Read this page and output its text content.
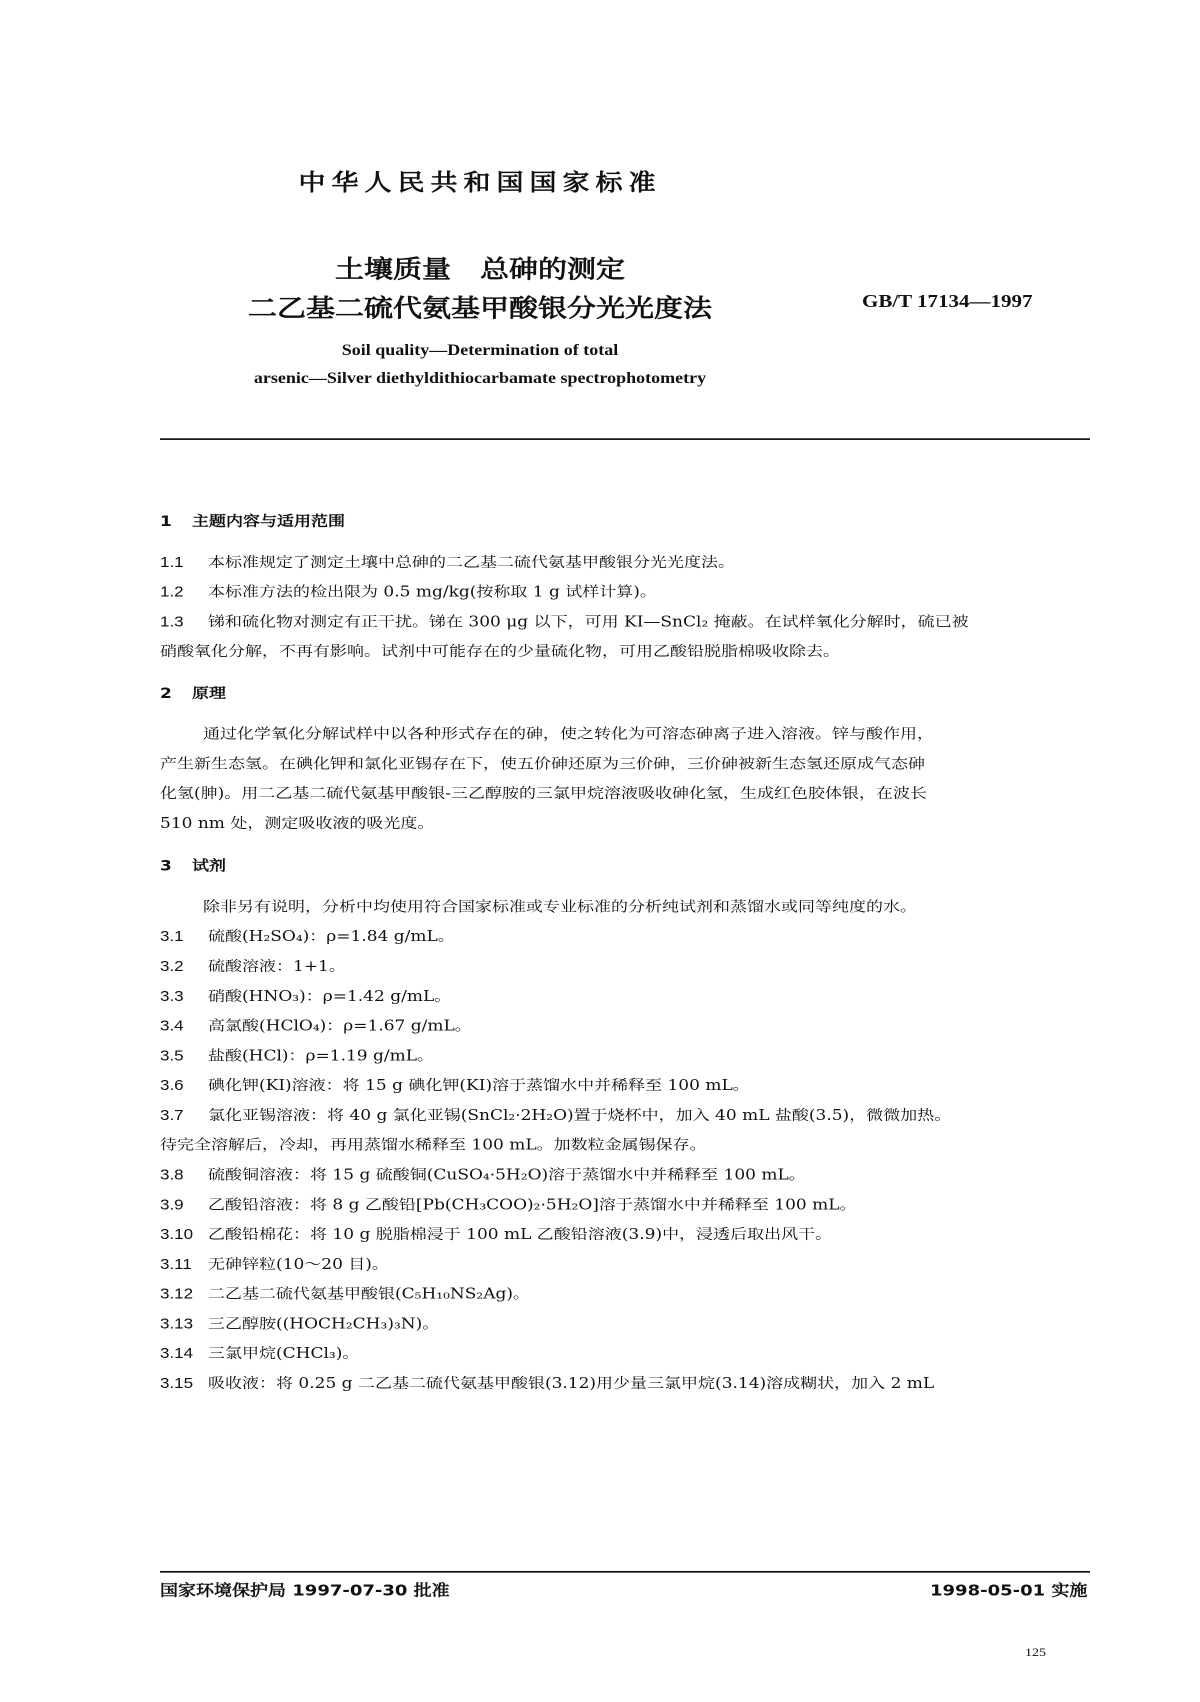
中华人民共和国国家标准
土壤质量　总砷的测定
二乙基二硫代氨基甲酸银分光光度法	GB/T 17134—1997
Soil quality—Determination of total
arsenic—Silver diethyldithiocarbamate spectrophotometry
1 主题内容与适用范围
1.1 本标准规定了测定土壤中总砷的二乙基二硫代氨基甲酸银分光光度法。
1.2 本标准方法的检出限为 0.5 mg/kg(按称取 1 g 试样计算)。
1.3 锑和硫化物对测定有正干扰。锑在 300 μg 以下，可用 KI—SnCl₂ 掩蔽。在试样氧化分解时，硫已被
硝酸氧化分解，不再有影响。试剂中可能存在的少量硫化物，可用乙酸铅脱脂棉吸收除去。
2 原理
通过化学氧化分解试样中以各种形式存在的砷，使之转化为可溶态砷离子进入溶液。锌与酸作用，
产生新生态氢。在碘化钾和氯化亚锡存在下，使五价砷还原为三价砷，三价砷被新生态氢还原成气态砷
化氢(胂)。用二乙基二硫代氨基甲酸银-三乙醇胺的三氯甲烷溶液吸收砷化氢，生成红色胶体银，在波长
510 nm 处，测定吸收液的吸光度。
3 试剂
除非另有说明，分析中均使用符合国家标准或专业标准的分析纯试剂和蒸馏水或同等纯度的水。
3.1 硫酸(H₂SO₄)：ρ=1.84 g/mL。
3.2 硫酸溶液：1+1。
3.3 硝酸(HNO₃)：ρ=1.42 g/mL。
3.4 高氯酸(HClO₄)：ρ=1.67 g/mL。
3.5 盐酸(HCl)：ρ=1.19 g/mL。
3.6 碘化钾(KI)溶液：将 15 g 碘化钾(KI)溶于蒸馏水中并稀释至 100 mL。
3.7 氯化亚锡溶液：将 40 g 氯化亚锡(SnCl₂·2H₂O)置于烧杯中，加入 40 mL 盐酸(3.5)，微微加热。
待完全溶解后，冷却，再用蒸馏水稀释至 100 mL。加数粒金属锡保存。
3.8 硫酸铜溶液：将 15 g 硫酸铜(CuSO₄·5H₂O)溶于蒸馏水中并稀释至 100 mL。
3.9 乙酸铅溶液：将 8 g 乙酸铅[Pb(CH₃COO)₂·5H₂O]溶于蒸馏水中并稀释至 100 mL。
3.10 乙酸铅棉花：将 10 g 脱脂棉浸于 100 mL 乙酸铅溶液(3.9)中，浸透后取出风干。
3.11 无砷锌粒(10～20 目)。
3.12 二乙基二硫代氨基甲酸银(C₅H₁₀NS₂Ag)。
3.13 三乙醇胺((HOCH₂CH₃)₃N)。
3.14 三氯甲烷(CHCl₃)。
3.15 吸收液：将 0.25 g 二乙基二硫代氨基甲酸银(3.12)用少量三氯甲烷(3.14)溶成糊状，加入 2 mL
国家环境保护局 1997-07-30 批准	1998-05-01 实施
125
